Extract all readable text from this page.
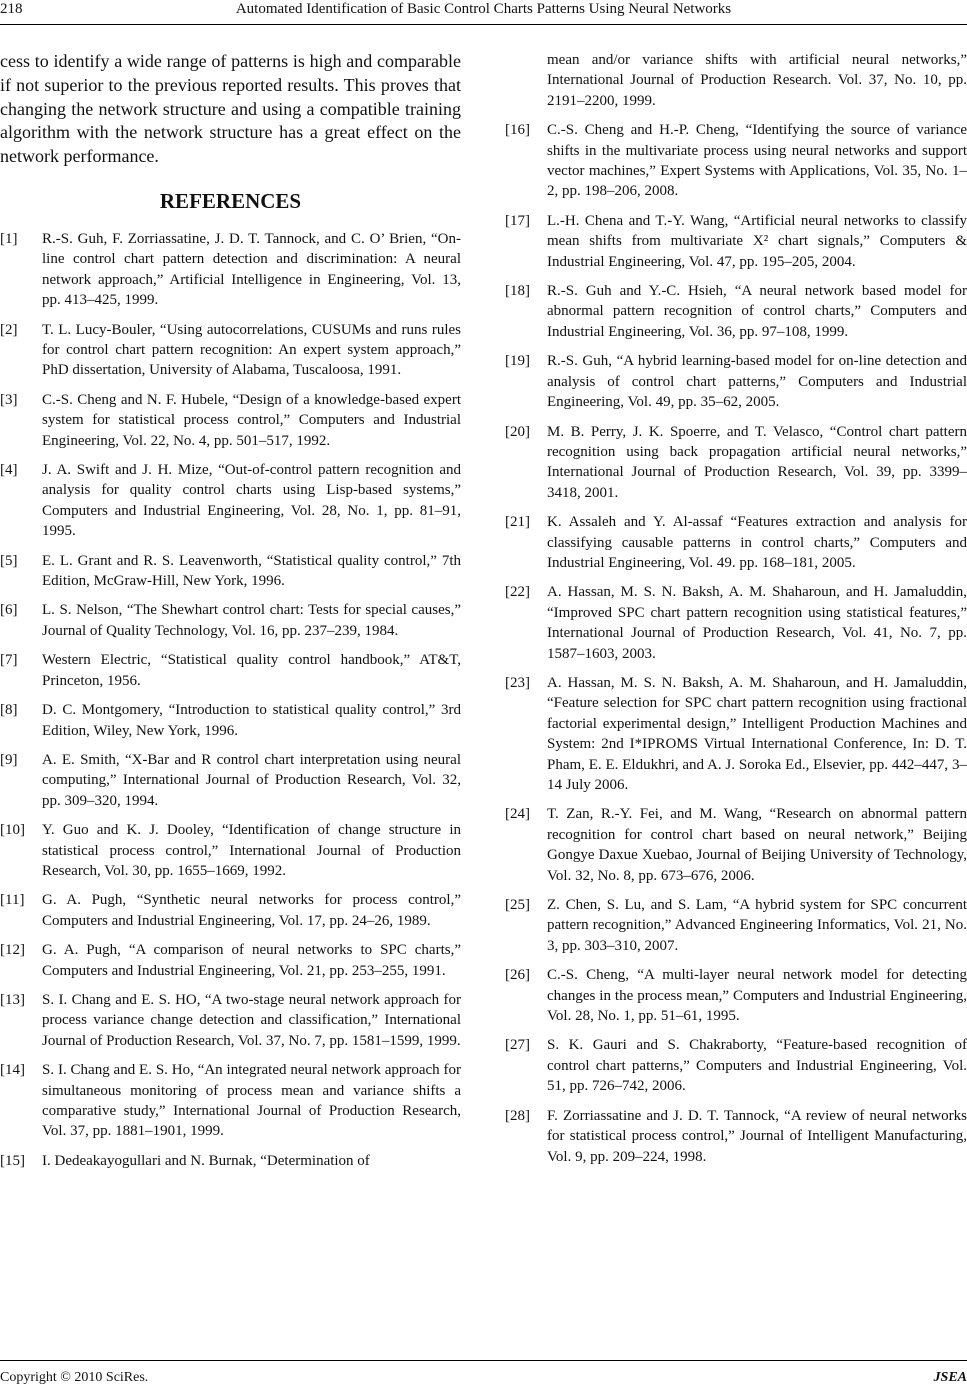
218	Automated Identification of Basic Control Charts Patterns Using Neural Networks

cess to identify a wide range of patterns is high and comparable if not superior to the previous reported results. This proves that changing the network structure and using a compatible training algorithm with the network structure has a great effect on the network performance.

REFERENCES
[1] R.-S. Guh, F. Zorriassatine, J. D. T. Tannock, and C. O’ Brien, “On-line control chart pattern detection and discrimination: A neural network approach,” Artificial Intelligence in Engineering, Vol. 13, pp. 413–425, 1999.
[2] T. L. Lucy-Bouler, “Using autocorrelations, CUSUMs and runs rules for control chart pattern recognition: An expert system approach,” PhD dissertation, University of Alabama, Tuscaloosa, 1991.
[3] C.-S. Cheng and N. F. Hubele, “Design of a knowledge-based expert system for statistical process control,” Computers and Industrial Engineering, Vol. 22, No. 4, pp. 501–517, 1992.
[4] J. A. Swift and J. H. Mize, “Out-of-control pattern recognition and analysis for quality control charts using Lisp-based systems,” Computers and Industrial Engineering, Vol. 28, No. 1, pp. 81–91, 1995.
[5] E. L. Grant and R. S. Leavenworth, “Statistical quality control,” 7th Edition, McGraw-Hill, New York, 1996.
[6] L. S. Nelson, “The Shewhart control chart: Tests for special causes,” Journal of Quality Technology, Vol. 16, pp. 237–239, 1984.
[7] Western Electric, “Statistical quality control handbook,” AT&T, Princeton, 1956.
[8] D. C. Montgomery, “Introduction to statistical quality control,” 3rd Edition, Wiley, New York, 1996.
[9] A. E. Smith, “X-Bar and R control chart interpretation using neural computing,” International Journal of Production Research, Vol. 32, pp. 309–320, 1994.
[10] Y. Guo and K. J. Dooley, “Identification of change structure in statistical process control,” International Journal of Production Research, Vol. 30, pp. 1655–1669, 1992.
[11] G. A. Pugh, “Synthetic neural networks for process control,” Computers and Industrial Engineering, Vol. 17, pp. 24–26, 1989.
[12] G. A. Pugh, “A comparison of neural networks to SPC charts,” Computers and Industrial Engineering, Vol. 21, pp. 253–255, 1991.
[13] S. I. Chang and E. S. HO, “A two-stage neural network approach for process variance change detection and classification,” International Journal of Production Research, Vol. 37, No. 7, pp. 1581–1599, 1999.
[14] S. I. Chang and E. S. Ho, “An integrated neural network approach for simultaneous monitoring of process mean and variance shifts a comparative study,” International Journal of Production Research, Vol. 37, pp. 1881–1901, 1999.
[15] I. Dedeakayogullari and N. Burnak, “Determination of
mean and/or variance shifts with artificial neural networks,” International Journal of Production Research. Vol. 37, No. 10, pp. 2191–2200, 1999.
[16] C.-S. Cheng and H.-P. Cheng, “Identifying the source of variance shifts in the multivariate process using neural networks and support vector machines,” Expert Systems with Applications, Vol. 35, No. 1–2, pp. 198–206, 2008.
[17] L.-H. Chena and T.-Y. Wang, “Artificial neural networks to classify mean shifts from multivariate X² chart signals,” Computers & Industrial Engineering, Vol. 47, pp. 195–205, 2004.
[18] R.-S. Guh and Y.-C. Hsieh, “A neural network based model for abnormal pattern recognition of control charts,” Computers and Industrial Engineering, Vol. 36, pp. 97–108, 1999.
[19] R.-S. Guh, “A hybrid learning-based model for on-line detection and analysis of control chart patterns,” Computers and Industrial Engineering, Vol. 49, pp. 35–62, 2005.
[20] M. B. Perry, J. K. Spoerre, and T. Velasco, “Control chart pattern recognition using back propagation artificial neural networks,” International Journal of Production Research, Vol. 39, pp. 3399–3418, 2001.
[21] K. Assaleh and Y. Al-assaf “Features extraction and analysis for classifying causable patterns in control charts,” Computers and Industrial Engineering, Vol. 49. pp. 168–181, 2005.
[22] A. Hassan, M. S. N. Baksh, A. M. Shaharoun, and H. Jamaluddin, “Improved SPC chart pattern recognition using statistical features,” International Journal of Production Research, Vol. 41, No. 7, pp. 1587–1603, 2003.
[23] A. Hassan, M. S. N. Baksh, A. M. Shaharoun, and H. Jamaluddin, “Feature selection for SPC chart pattern recognition using fractional factorial experimental design,” Intelligent Production Machines and System: 2nd I*IPROMS Virtual International Conference, In: D. T. Pham, E. E. Eldukhri, and A. J. Soroka Ed., Elsevier, pp. 442–447, 3–14 July 2006.
[24] T. Zan, R.-Y. Fei, and M. Wang, “Research on abnormal pattern recognition for control chart based on neural network,” Beijing Gongye Daxue Xuebao, Journal of Beijing University of Technology, Vol. 32, No. 8, pp. 673–676, 2006.
[25] Z. Chen, S. Lu, and S. Lam, “A hybrid system for SPC concurrent pattern recognition,” Advanced Engineering Informatics, Vol. 21, No. 3, pp. 303–310, 2007.
[26] C.-S. Cheng, “A multi-layer neural network model for detecting changes in the process mean,” Computers and Industrial Engineering, Vol. 28, No. 1, pp. 51–61, 1995.
[27] S. K. Gauri and S. Chakraborty, “Feature-based recognition of control chart patterns,” Computers and Industrial Engineering, Vol. 51, pp. 726–742, 2006.
[28] F. Zorriassatine and J. D. T. Tannock, “A review of neural networks for statistical process control,” Journal of Intelligent Manufacturing, Vol. 9, pp. 209–224, 1998.
Copyright © 2010 SciRes.	JSEA
